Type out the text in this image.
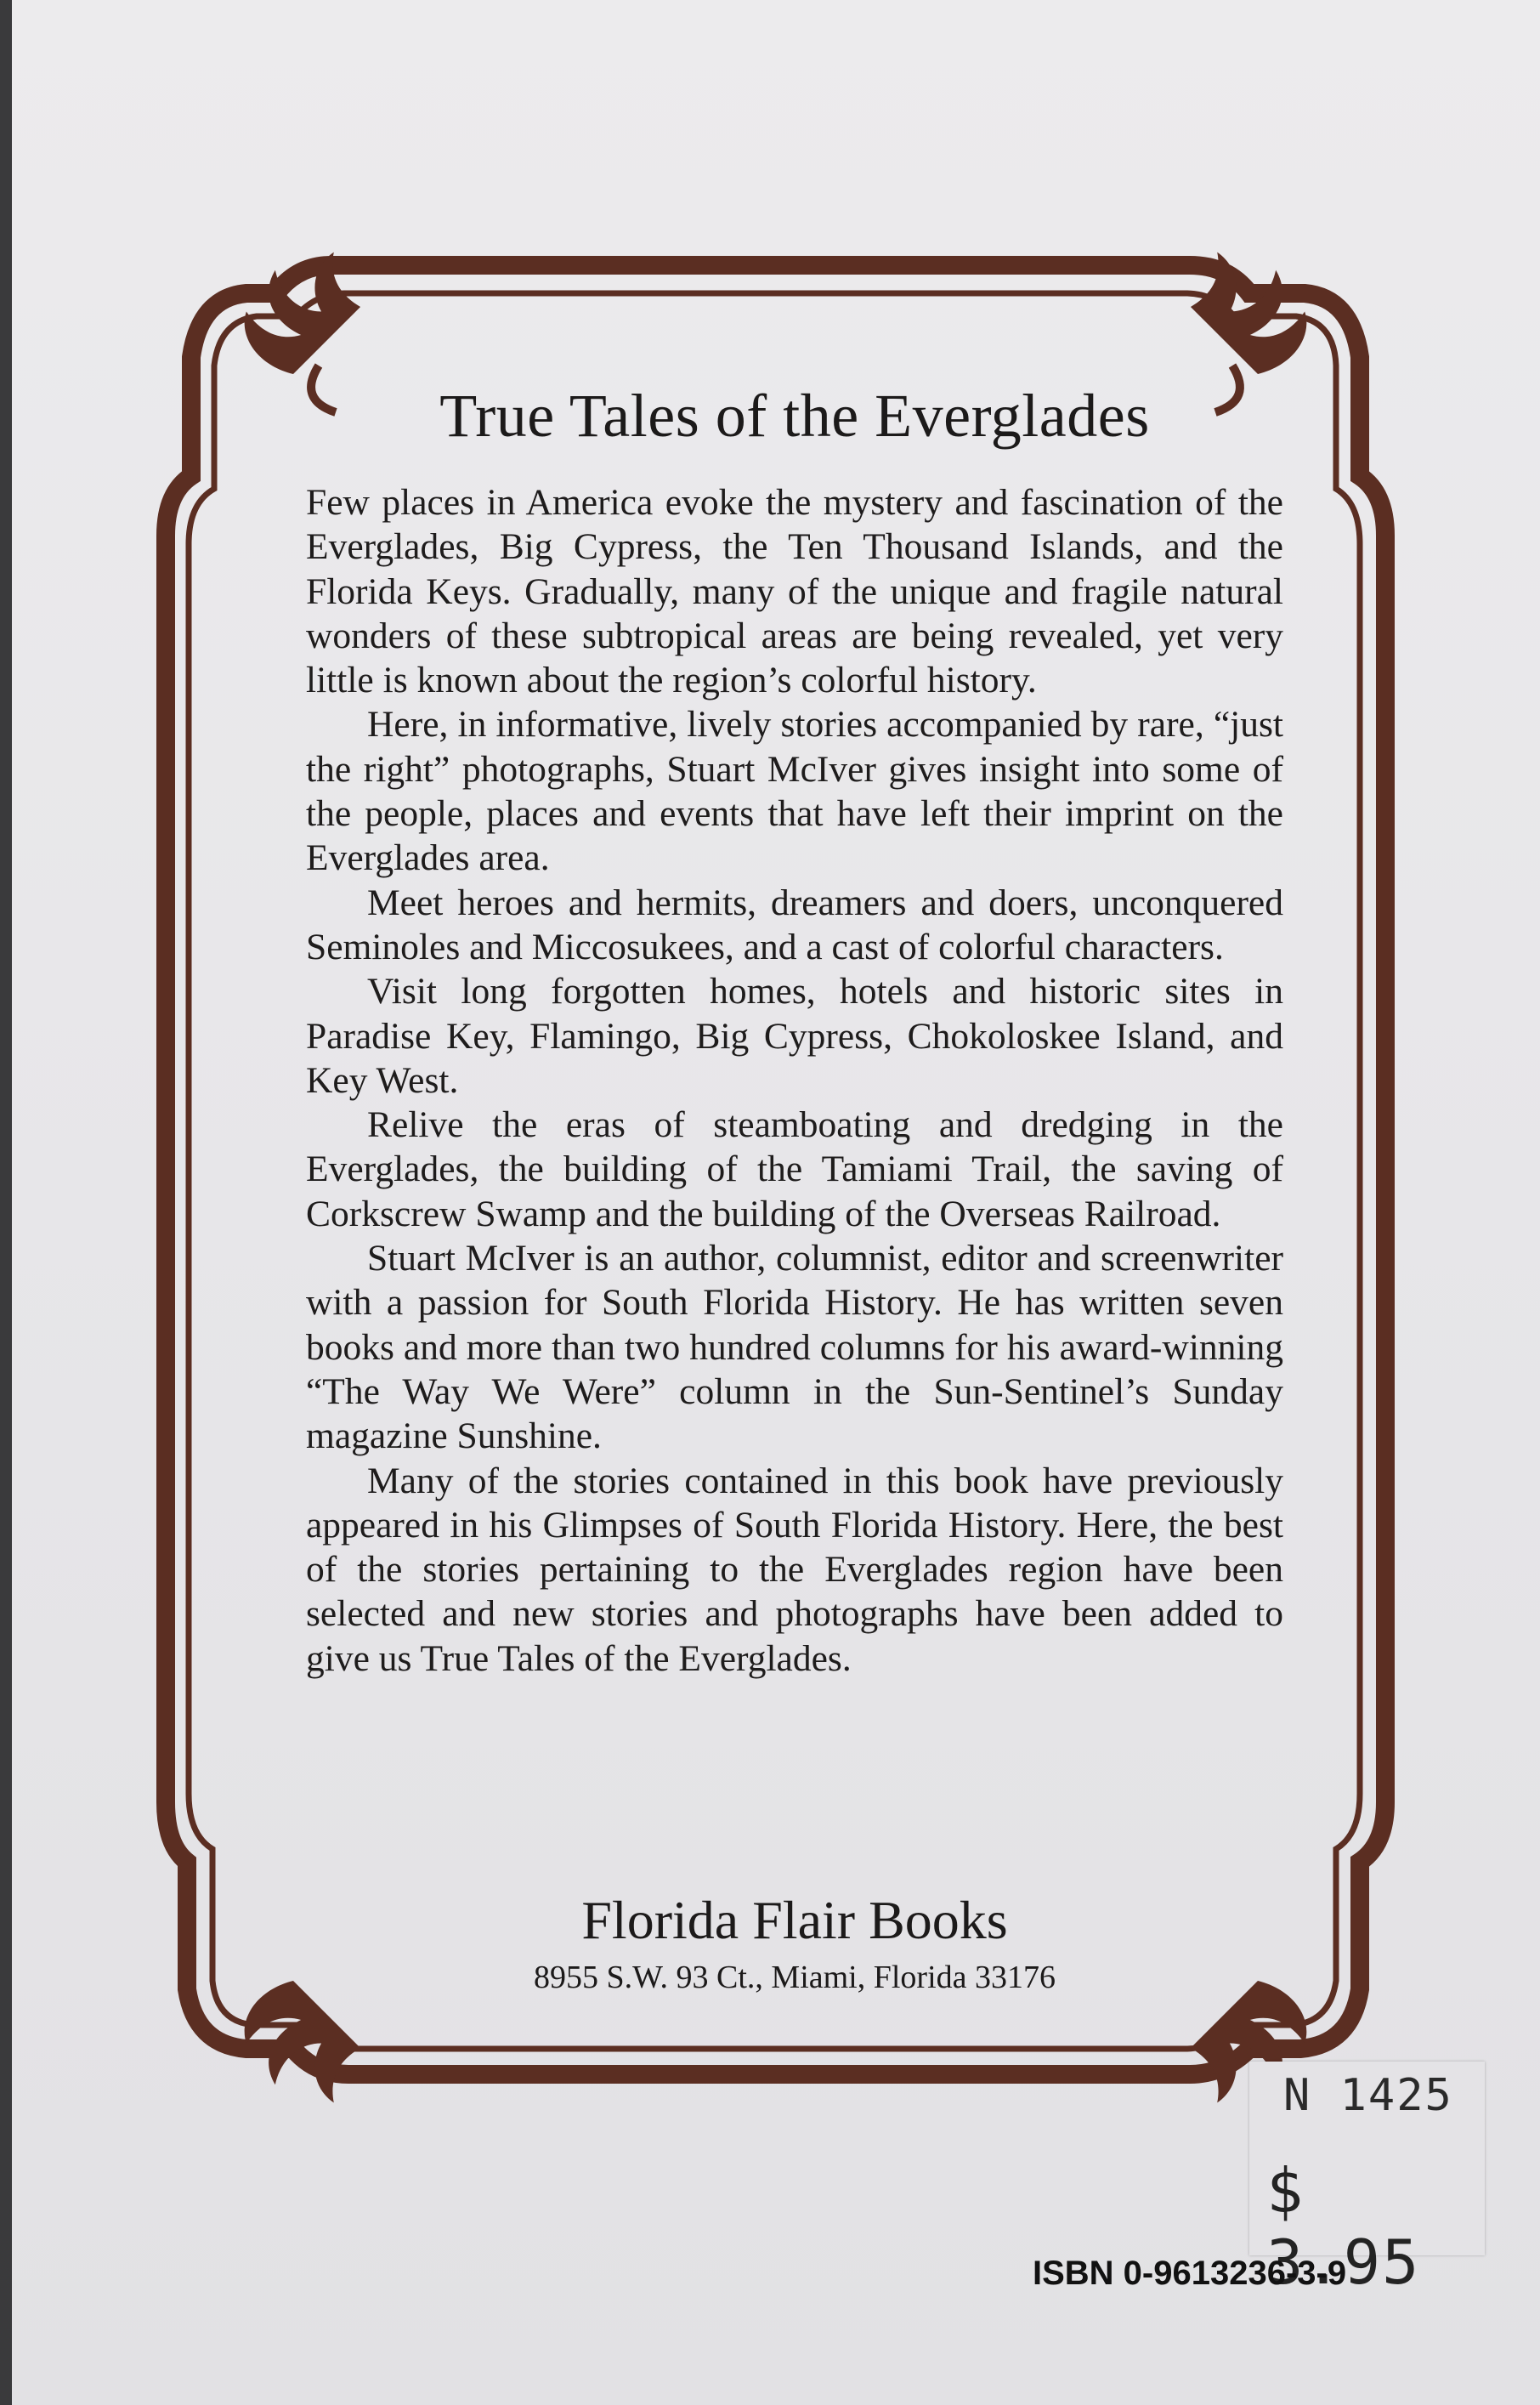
True Tales of the Everglades

Few places in America evoke the mystery and fascination of the Everglades, Big Cypress, the Ten Thousand Islands, and the Florida Keys. Gradually, many of the unique and fragile natural wonders of these subtropical areas are being revealed, yet very little is known about the region’s colorful history.

Here, in informative, lively stories accompanied by rare, “just the right” photographs, Stuart McIver gives insight into some of the people, places and events that have left their imprint on the Everglades area.

Meet heroes and hermits, dreamers and doers, unconquered Seminoles and Miccosukees, and a cast of colorful characters.

Visit long forgotten homes, hotels and historic sites in Paradise Key, Flamingo, Big Cypress, Chokoloskee Island, and Key West.

Relive the eras of steamboating and dredging in the Everglades, the building of the Tamiami Trail, the saving of Corkscrew Swamp and the building of the Overseas Railroad.

Stuart McIver is an author, columnist, editor and screenwriter with a passion for South Florida History. He has written seven books and more than two hundred columns for his award-winning “The Way We Were” column in the Sun-Sentinel’s Sunday magazine Sunshine.

Many of the stories contained in this book have previously appeared in his Glimpses of South Florida History. Here, the best of the stories pertaining to the Everglades region have been selected and new stories and photographs have been added to give us True Tales of the Everglades.

Florida Flair Books
8955 S.W. 93 Ct., Miami, Florida 33176
N 1425
$ 3.95
ISBN 0-9613236-3-9
